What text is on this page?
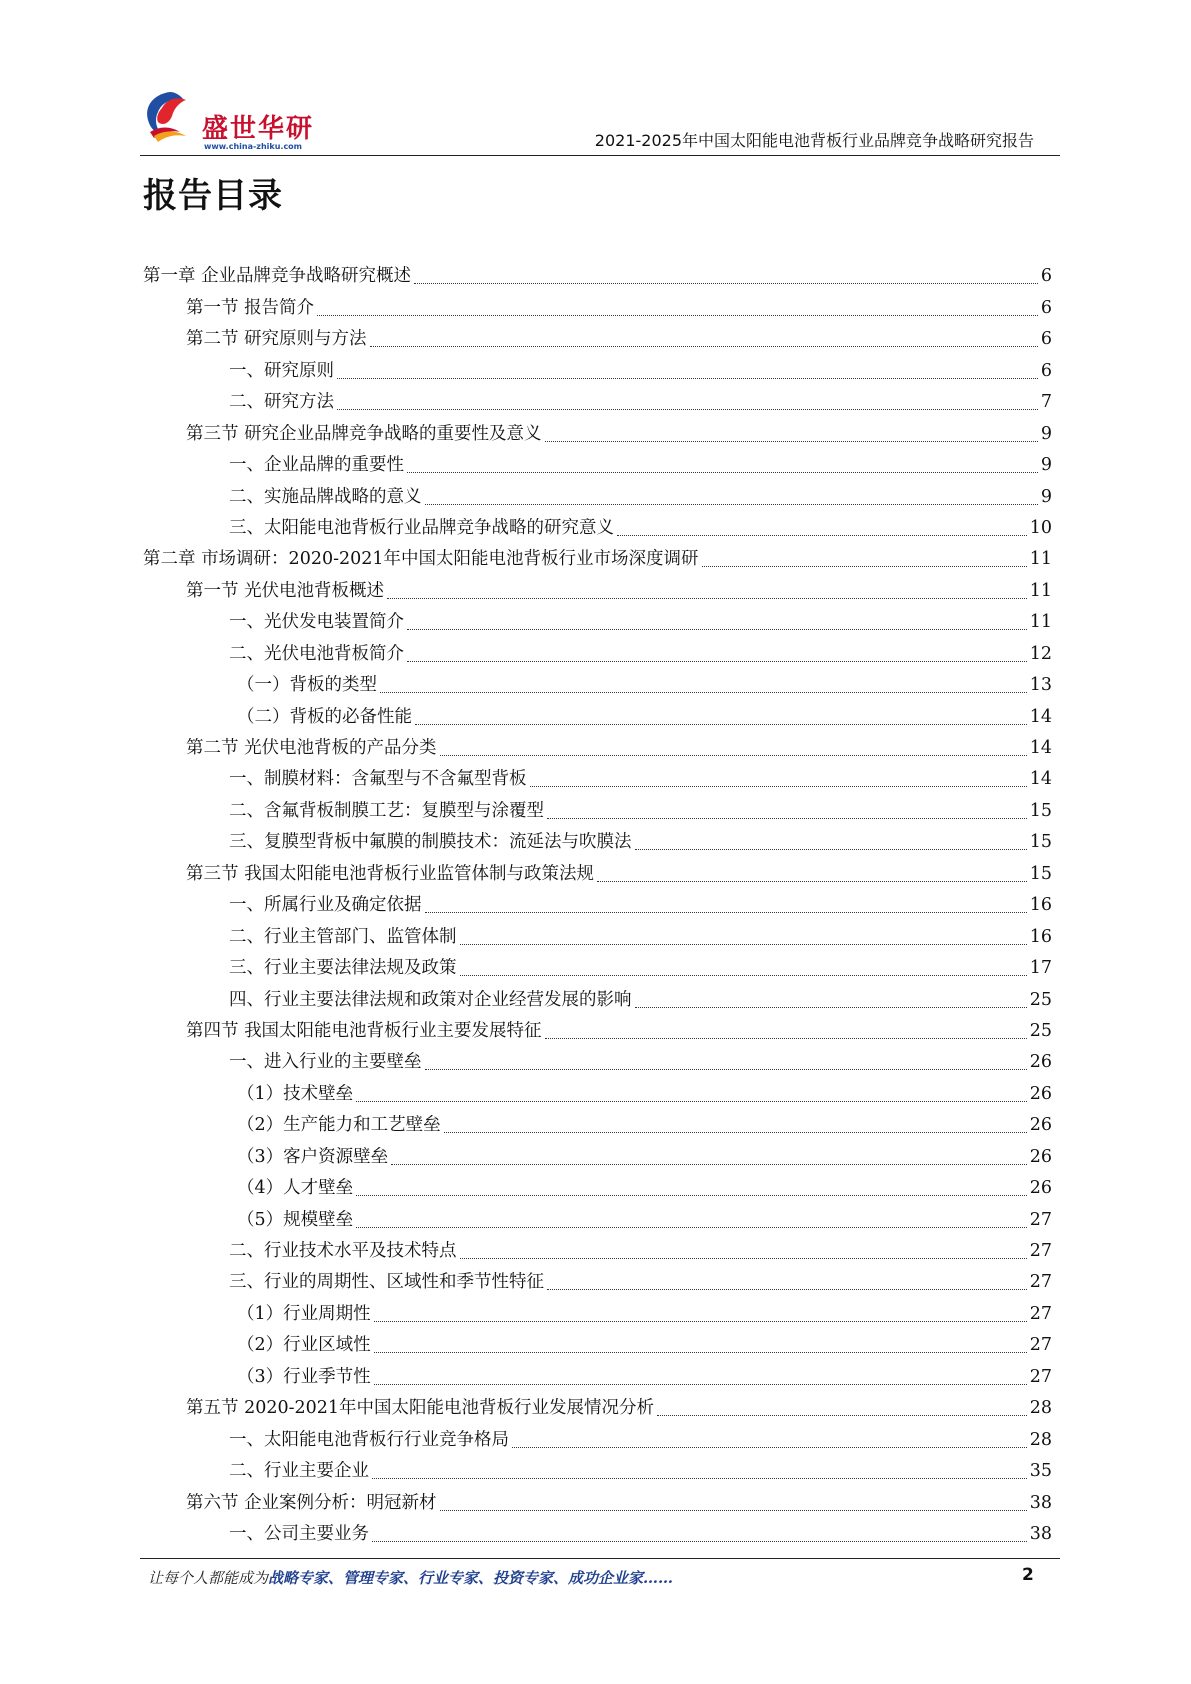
盛世华研
www.china-zhiku.com	2021-2025年中国太阳能电池背板行业品牌竞争战略研究报告
报告目录
第一章 企业品牌竞争战略研究概述	6
第一节 报告简介	6
第二节 研究原则与方法	6
一、研究原则	6
二、研究方法	7
第三节 研究企业品牌竞争战略的重要性及意义	9
一、企业品牌的重要性	9
二、实施品牌战略的意义	9
三、太阳能电池背板行业品牌竞争战略的研究意义	10
第二章 市场调研：2020-2021年中国太阳能电池背板行业市场深度调研	11
第一节 光伏电池背板概述	11
一、光伏发电装置简介	11
二、光伏电池背板简介	12
（一）背板的类型	13
（二）背板的必备性能	14
第二节 光伏电池背板的产品分类	14
一、制膜材料：含氟型与不含氟型背板	14
二、含氟背板制膜工艺：复膜型与涂覆型	15
三、复膜型背板中氟膜的制膜技术：流延法与吹膜法	15
第三节 我国太阳能电池背板行业监管体制与政策法规	15
一、所属行业及确定依据	16
二、行业主管部门、监管体制	16
三、行业主要法律法规及政策	17
四、行业主要法律法规和政策对企业经营发展的影响	25
第四节 我国太阳能电池背板行业主要发展特征	25
一、进入行业的主要壁垒	26
（1）技术壁垒	26
（2）生产能力和工艺壁垒	26
（3）客户资源壁垒	26
（4）人才壁垒	26
（5）规模壁垒	27
二、行业技术水平及技术特点	27
三、行业的周期性、区域性和季节性特征	27
（1）行业周期性	27
（2）行业区域性	27
（3）行业季节性	27
第五节 2020-2021年中国太阳能电池背板行业发展情况分析	28
一、太阳能电池背板行行业竞争格局	28
二、行业主要企业	35
第六节 企业案例分析：明冠新材	38
一、公司主要业务	38
让每个人都能成为战略专家、管理专家、行业专家、投资专家、成功企业家……	2
